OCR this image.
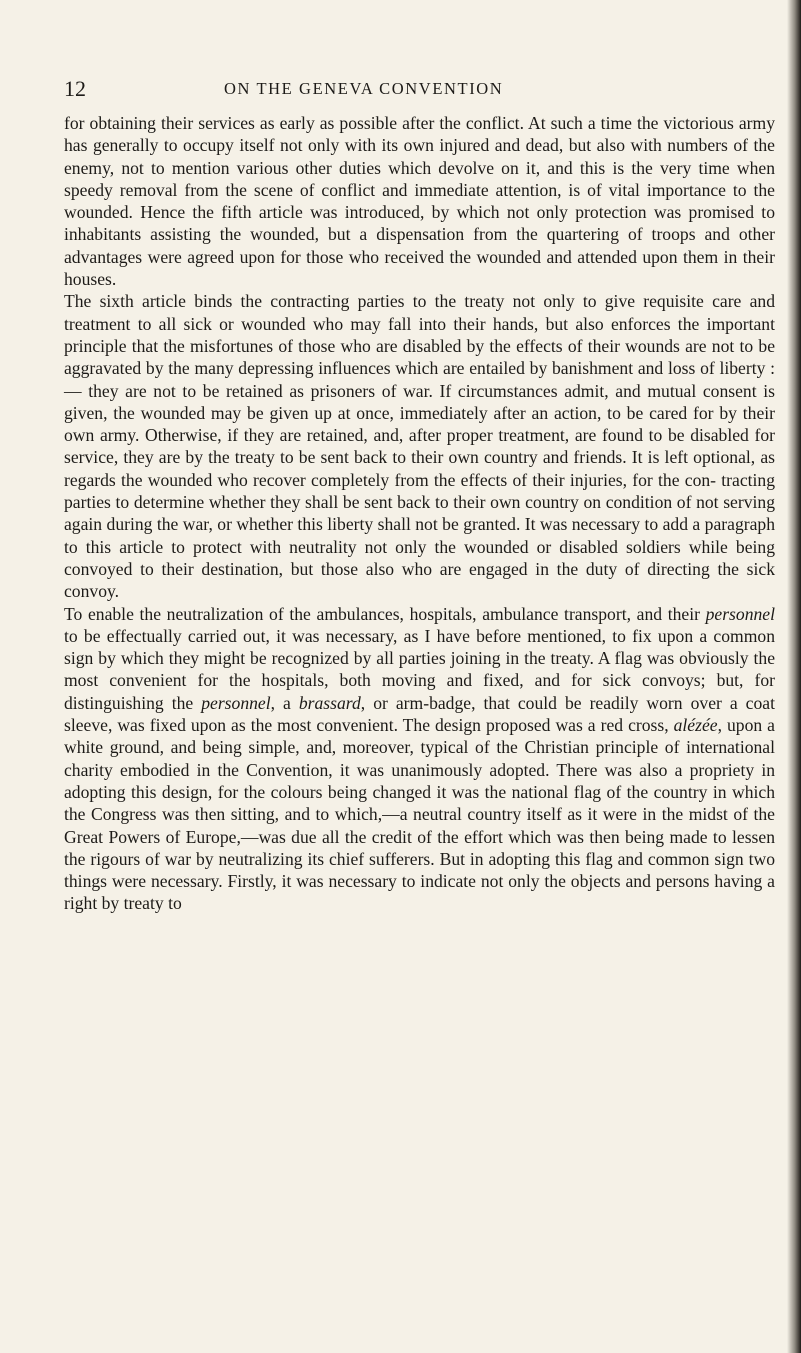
12	ON THE GENEVA CONVENTION

for obtaining their services as early as possible after the conflict. At such a time the victorious army has generally to occupy itself not only with its own injured and dead, but also with numbers of the enemy, not to mention various other duties which devolve on it, and this is the very time when speedy removal from the scene of conflict and immediate attention, is of vital importance to the wounded. Hence the fifth article was introduced, by which not only protection was promised to inhabitants assisting the wounded, but a dispensation from the quartering of troops and other advantages were agreed upon for those who received the wounded and attended upon them in their houses.

The sixth article binds the contracting parties to the treaty not only to give requisite care and treatment to all sick or wounded who may fall into their hands, but also enforces the important principle that the misfortunes of those who are disabled by the effects of their wounds are not to be aggravated by the many depressing influences which are entailed by banishment and loss of liberty :— they are not to be retained as prisoners of war. If circumstances admit, and mutual consent is given, the wounded may be given up at once, immediately after an action, to be cared for by their own army. Otherwise, if they are retained, and, after proper treatment, are found to be disabled for service, they are by the treaty to be sent back to their own country and friends. It is left optional, as regards the wounded who recover completely from the effects of their injuries, for the con- tracting parties to determine whether they shall be sent back to their own country on condition of not serving again during the war, or whether this liberty shall not be granted. It was necessary to add a paragraph to this article to protect with neutrality not only the wounded or disabled soldiers while being convoyed to their destination, but those also who are engaged in the duty of directing the sick convoy.

To enable the neutralization of the ambulances, hospitals, ambulance transport, and their personnel to be effectually carried out, it was necessary, as I have before mentioned, to fix upon a common sign by which they might be recognized by all parties joining in the treaty. A flag was obviously the most convenient for the hospitals, both moving and fixed, and for sick convoys; but, for distinguishing the personnel, a brassard, or arm-badge, that could be readily worn over a coat sleeve, was fixed upon as the most convenient. The design proposed was a red cross, alézée, upon a white ground, and being simple, and, moreover, typical of the Christian principle of international charity embodied in the Convention, it was unanimously adopted. There was also a propriety in adopting this design, for the colours being changed it was the national flag of the country in which the Congress was then sitting, and to which,—a neutral country itself as it were in the midst of the Great Powers of Europe,—was due all the credit of the effort which was then being made to lessen the rigours of war by neutralizing its chief sufferers. But in adopting this flag and common sign two things were necessary. Firstly, it was necessary to indicate not only the objects and persons having a right by treaty to
